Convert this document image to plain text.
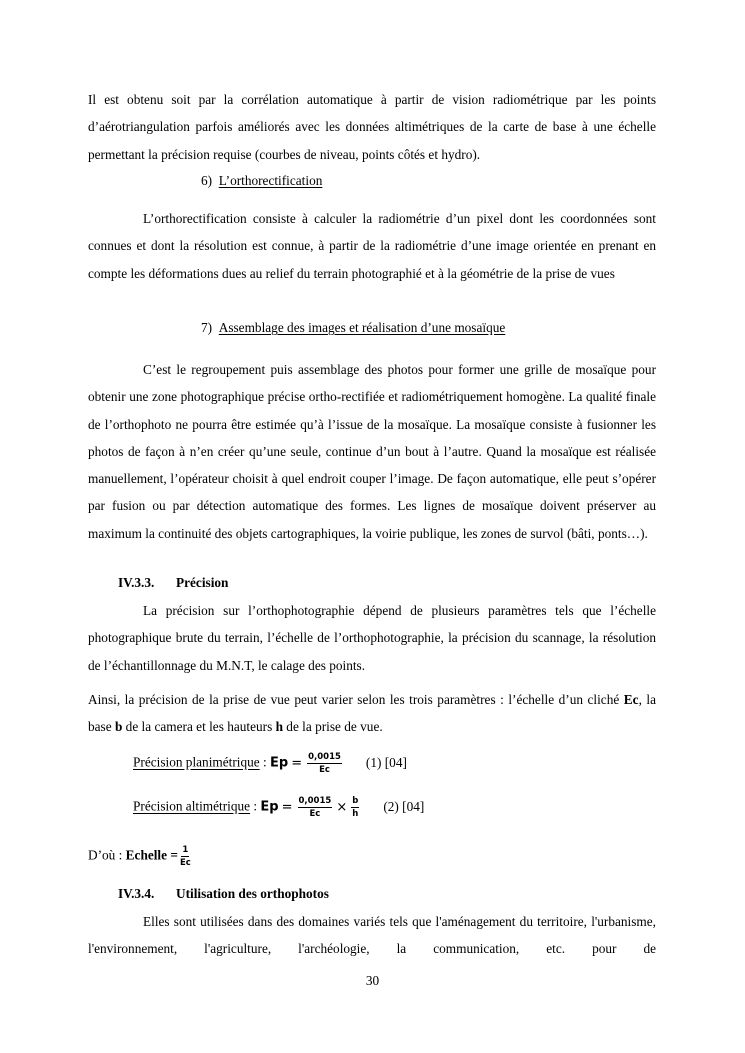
Il est obtenu soit par la corrélation automatique à partir de vision radiométrique par les points d’aérotriangulation parfois améliorés avec les données altimétriques de la carte de base à une échelle permettant la précision requise (courbes de niveau, points côtés et hydro).

6) L’orthorectification

L’orthorectification consiste à calculer la radiométrie d’un pixel dont les coordonnées sont connues et dont la résolution est connue, à partir de la radiométrie d’une image orientée en prenant en compte les déformations dues au relief du terrain photographié et à la géométrie de la prise de vues

7) Assemblage des images et réalisation d’une mosaïque

C’est le regroupement puis assemblage des photos pour former une grille de mosaïque pour obtenir une zone photographique précise ortho-rectifiée et radiométriquement homogène. La qualité finale de l’orthophoto ne pourra être estimée qu’à l’issue de la mosaïque. La mosaïque consiste à fusionner les photos de façon à n’en créer qu’une seule, continue d’un bout à l’autre. Quand la mosaïque est réalisée manuellement, l’opérateur choisit à quel endroit couper l’image. De façon automatique, elle peut s’opérer par fusion ou par détection automatique des formes. Les lignes de mosaïque doivent préserver au maximum la continuité des objets cartographiques, la voirie publique, les zones de survol (bâti, ponts…).

IV.3.3. Précision

La précision sur l’orthophotographie dépend de plusieurs paramètres tels que l’échelle photographique brute du terrain, l’échelle de l’orthophotographie, la précision du scannage, la résolution de l’échantillonnage du M.N.T, le calage des points.

Ainsi, la précision de la prise de vue peut varier selon les trois paramètres : l’échelle d’un cliché Ec, la base b de la camera et les hauteurs h de la prise de vue.

Précision planimétrique : $Ep = \frac{0,0015}{Ec} (1)$ [04]
Précision altimétrique : $Ep = \frac{0,0015}{Ec} \times \frac{b}{h} (2)$ [04]
D’où : Echelle = $\frac{1}{Ec}$
IV.3.4. Utilisation des orthophotos

Elles sont utilisées dans des domaines variés tels que l'aménagement du territoire, l'urbanisme, l'environnement, l'agriculture, l'archéologie, la communication, etc. pour de

30
